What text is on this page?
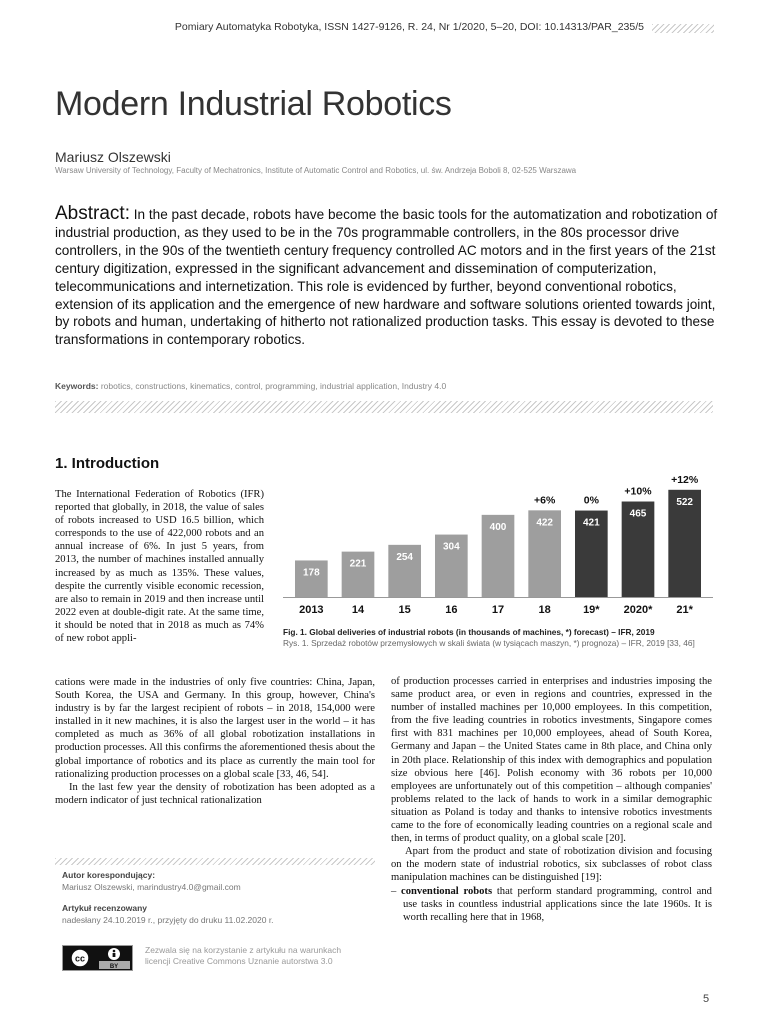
Pomiary Automatyka Robotyka, ISSN 1427-9126, R. 24, Nr 1/2020, 5–20, DOI: 10.14313/PAR_235/5
Modern Industrial Robotics
Mariusz Olszewski
Warsaw University of Technology, Faculty of Mechatronics, Institute of Automatic Control and Robotics, ul. św. Andrzeja Boboli 8, 02-525 Warszawa
Abstract: In the past decade, robots have become the basic tools for the automatization and robotization of industrial production, as they used to be in the 70s programmable controllers, in the 80s processor drive controllers, in the 90s of the twentieth century frequency controlled AC motors and in the first years of the 21st century digitization, expressed in the significant advancement and dissemination of computerization, telecommunications and internetization. This role is evidenced by further, beyond conventional robotics, extension of its application and the emergence of new hardware and software solutions oriented towards joint, by robots and human, undertaking of hitherto not rationalized production tasks. This essay is devoted to these transformations in contemporary robotics.
Keywords: robotics, constructions, kinematics, control, programming, industrial application, Industry 4.0
1. Introduction
The International Federation of Robotics (IFR) reported that globally, in 2018, the value of sales of robots increased to USD 16.5 billion, which corresponds to the use of 422,000 robots and an annual increase of 6%. In just 5 years, from 2013, the number of machines installed annually increased by as much as 135%. These values, despite the currently visible economic recession, are also to remain in 2019 and then increase until 2022 even at double-digit rate. At the same time, it should be noted that in 2018 as much as 74% of new robot appli-
178
2013
221
14
254
15
304
16
400
17
422
18
+6%
421
19*
0%
465
2020*
+10%
522
21*
+12%
Fig. 1. Global deliveries of industrial robots (in thousands of machines, *) forecast) – IFR, 2019
Rys. 1. Sprzedaż robotów przemysłowych w skali świata (w tysiącach maszyn, *) prognoza) – IFR, 2019 [33, 46]

cations were made in the industries of only five countries: China, Japan, South Korea, the USA and Germany. In this group, however, China's industry is by far the largest recipient of robots – in 2018, 154,000 were installed in it new machines, it is also the largest user in the world – it has completed as much as 36% of all global robotization installations in production processes. All this confirms the aforementioned thesis about the global importance of robotics and its place as currently the main tool for rationalizing production processes on a global scale [33, 46, 54].

In the last few year the density of robotization has been adopted as a modern indicator of just technical rationalization

of production processes carried in enterprises and industries imposing the same product area, or even in regions and countries, expressed in the number of installed machines per 10,000 employees. In this competition, from the five leading countries in robotics investments, Singapore comes first with 831 machines per 10,000 employees, ahead of South Korea, Germany and Japan – the United States came in 8th place, and China only in 20th place. Relationship of this index with demographics and population size obvious here [46]. Polish economy with 36 robots per 10,000 employees are unfortunately out of this competition – although companies' problems related to the lack of hands to work in a similar demographic situation as Poland is today and thanks to intensive robotics investments came to the fore of economically leading countries on a regional scale and then, in terms of product quality, on a global scale [20].

Apart from the product and state of robotization division and focusing on the modern state of industrial robotics, six subclasses of robot class manipulation machines can be distinguished [19]:

– conventional robots that perform standard programming, control and use tasks in countless industrial applications since the late 1960s. It is worth recalling here that in 1968,
Autor korespondujący:
Mariusz Olszewski, marindustry4.0@gmail.com

Artykuł recenzowany
nadesłany 24.10.2019 r., przyjęty do druku 11.02.2020 r.
cc
BY
Zezwala się na korzystanie z artykułu na warunkach
licencji Creative Commons Uznanie autorstwa 3.0
5
